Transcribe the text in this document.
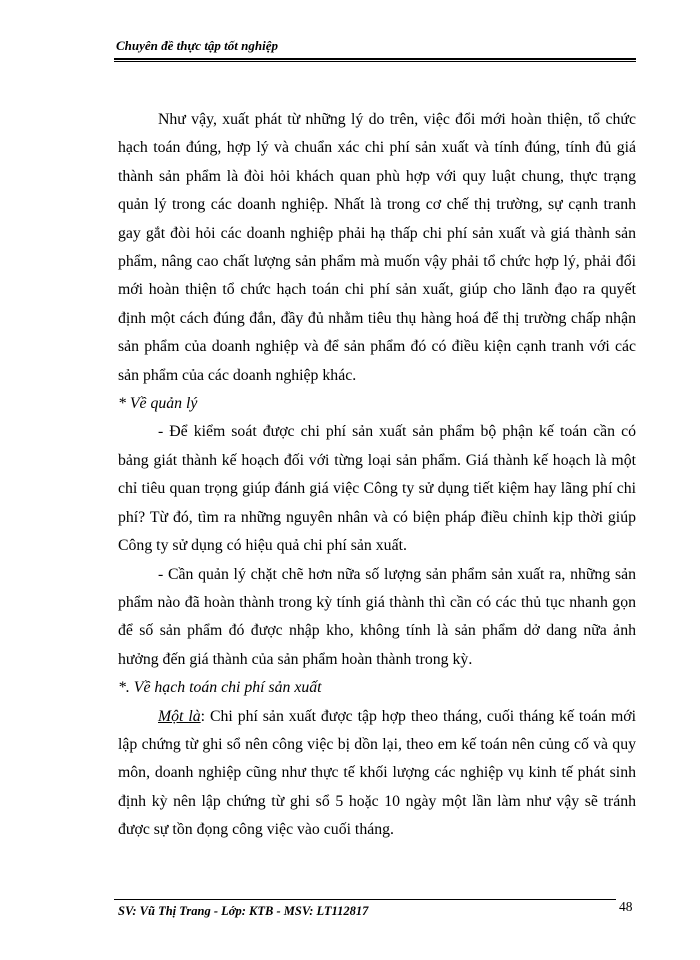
Chuyên đề thực tập tốt nghiệp

Như vậy, xuất phát từ những lý do trên, việc đổi mới hoàn thiện, tổ chức hạch toán đúng, hợp lý và chuẩn xác chi phí sản xuất và tính đúng, tính đủ giá thành sản phẩm là đòi hỏi khách quan phù hợp với quy luật chung, thực trạng quản lý trong các doanh nghiệp. Nhất là trong cơ chế thị trường, sự cạnh tranh gay gắt đòi hỏi các doanh nghiệp phải hạ thấp chi phí sản xuất và giá thành sản phẩm, nâng cao chất lượng sản phẩm mà muốn vậy phải tổ chức hợp lý, phải đổi mới hoàn thiện tổ chức hạch toán chi phí sản xuất, giúp cho lãnh đạo ra quyết định một cách đúng đắn, đầy đủ nhằm tiêu thụ hàng hoá để thị trường chấp nhận sản phẩm của doanh nghiệp và để sản phẩm đó có điều kiện cạnh tranh với các sản phẩm của các doanh nghiệp khác.

* Về quản lý

- Để kiểm soát được chi phí sản xuất sản phẩm bộ phận kế toán cần có bảng giát thành kế hoạch đối với từng loại sản phẩm. Giá thành kế hoạch là một chỉ tiêu quan trọng giúp đánh giá việc Công ty sử dụng tiết kiệm hay lãng phí chi phí? Từ đó, tìm ra những nguyên nhân và có biện pháp điều chỉnh kịp thời giúp Công ty sử dụng có hiệu quả chi phí sản xuất.

- Cần quản lý chặt chẽ hơn nữa số lượng sản phẩm sản xuất ra, những sản phẩm nào đã hoàn thành trong kỳ tính giá thành thì cần có các thủ tục nhanh gọn để số sản phẩm đó được nhập kho, không tính là sản phẩm dở dang nữa ảnh hưởng đến giá thành của sản phẩm hoàn thành trong kỳ.

*. Về hạch toán chi phí sản xuất

Một là: Chi phí sản xuất được tập hợp theo tháng, cuối tháng kế toán mới lập chứng từ ghi sổ nên công việc bị dồn lại, theo em kế toán nên củng cố và quy môn, doanh nghiệp cũng như thực tế khối lượng các nghiệp vụ kinh tế phát sinh định kỳ nên lập chứng từ ghi sổ 5 hoặc 10 ngày một lần làm như vậy sẽ tránh được sự tồn đọng công việc vào cuối tháng.

SV: Vũ Thị Trang - Lớp: KTB - MSV: LT112817	48
